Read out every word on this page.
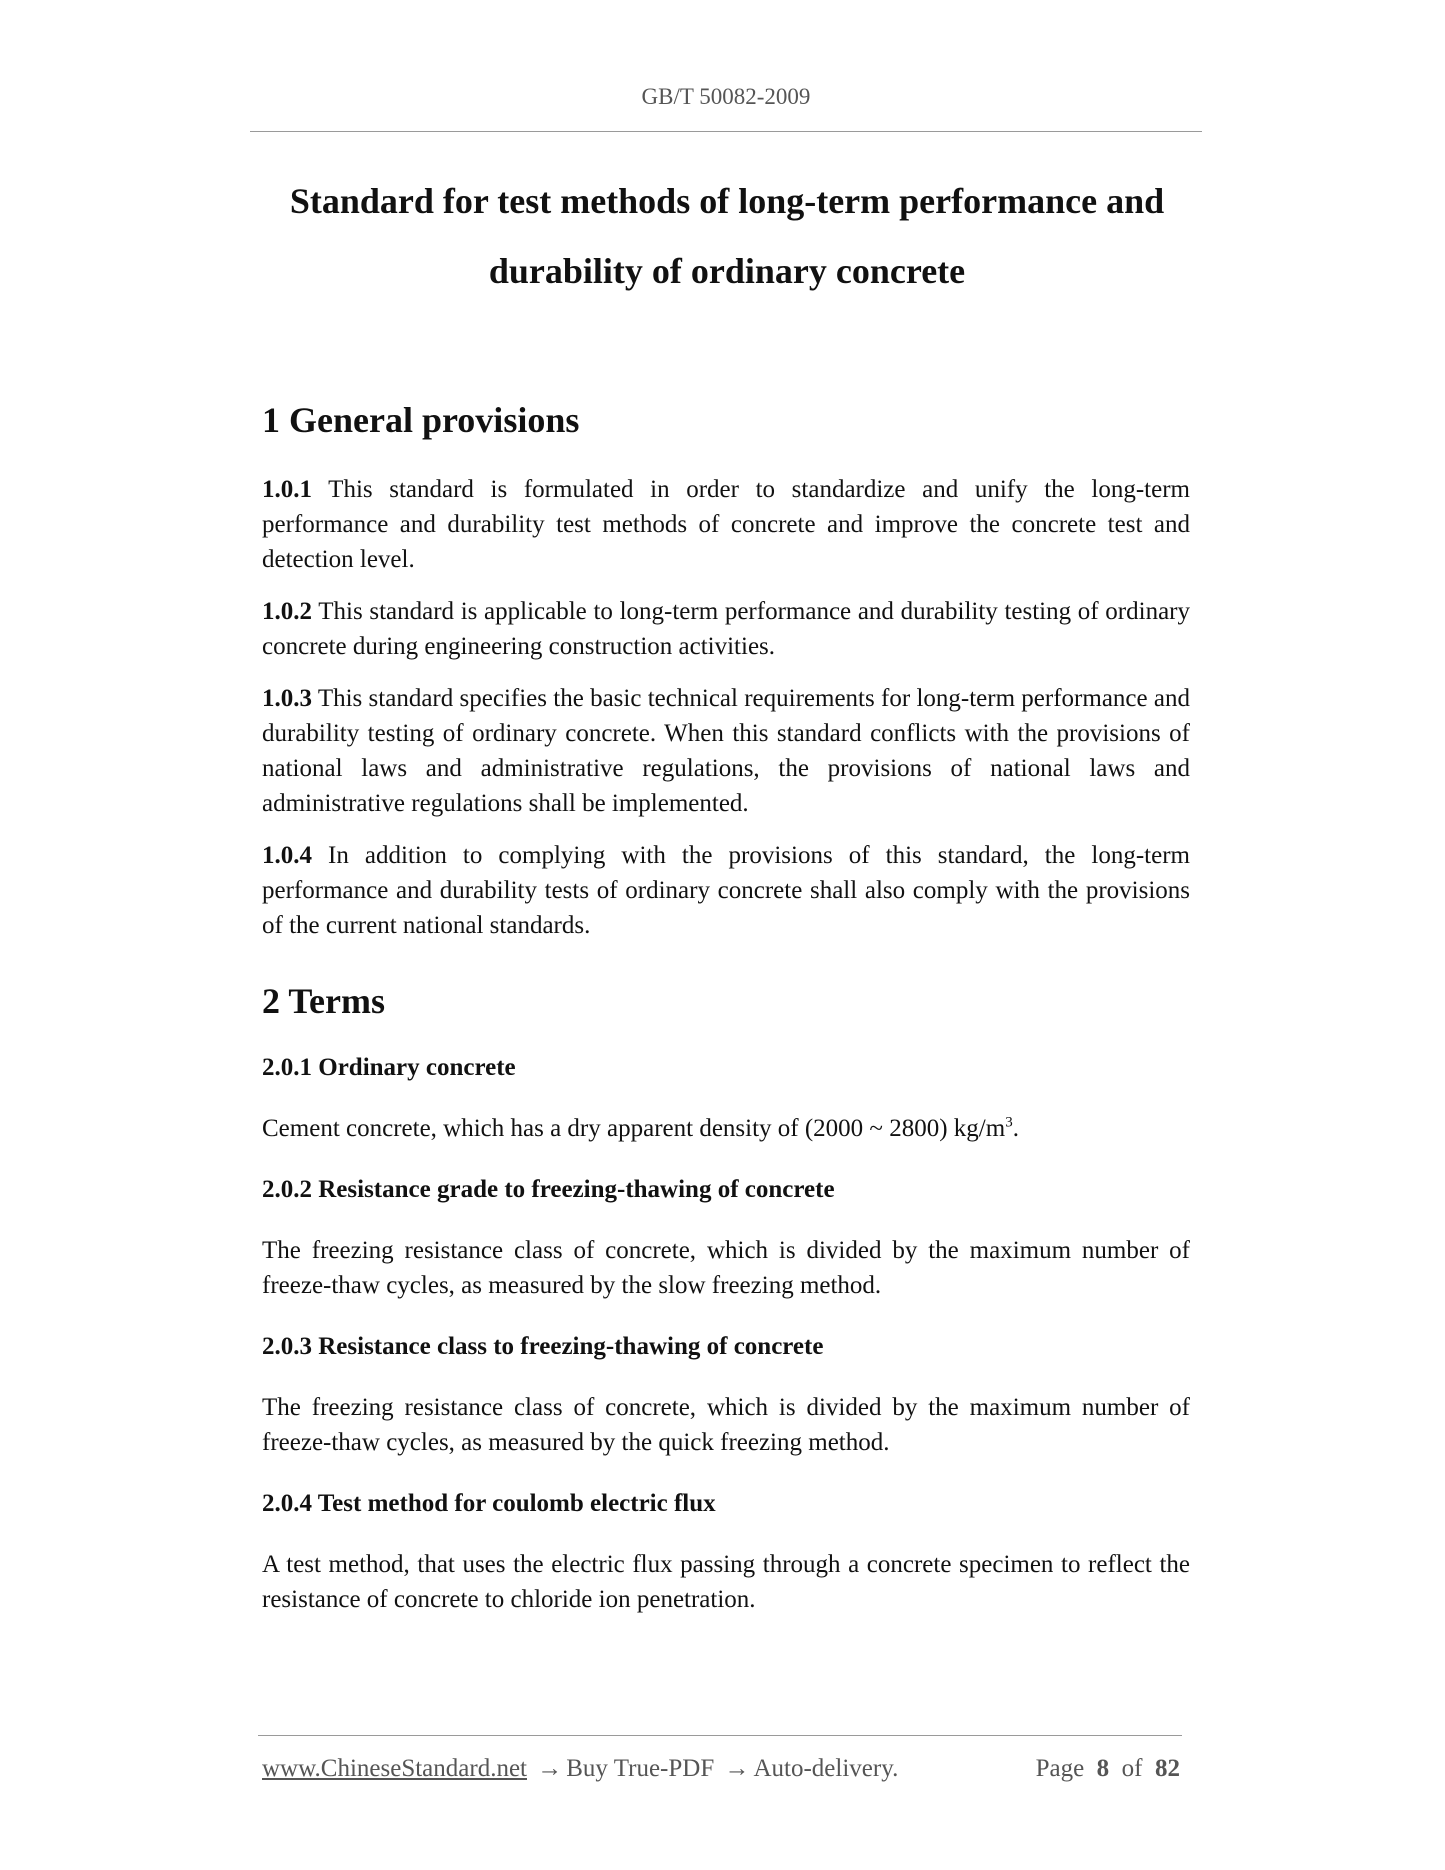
GB/T 50082-2009
Standard for test methods of long-term performance and
durability of ordinary concrete
1 General provisions

1.0.1 This standard is formulated in order to standardize and unify the long-term performance and durability test methods of concrete and improve the concrete test and detection level.

1.0.2 This standard is applicable to long-term performance and durability testing of ordinary concrete during engineering construction activities.

1.0.3 This standard specifies the basic technical requirements for long-term performance and durability testing of ordinary concrete. When this standard conflicts with the provisions of national laws and administrative regulations, the provisions of national laws and administrative regulations shall be implemented.

1.0.4 In addition to complying with the provisions of this standard, the long-term performance and durability tests of ordinary concrete shall also comply with the provisions of the current national standards.

2 Terms

2.0.1 Ordinary concrete

Cement concrete, which has a dry apparent density of (2000 ~ 2800) $kg/m^3$.

2.0.2 Resistance grade to freezing-thawing of concrete

The freezing resistance class of concrete, which is divided by the maximum number of freeze-thaw cycles, as measured by the slow freezing method.

2.0.3 Resistance class to freezing-thawing of concrete

The freezing resistance class of concrete, which is divided by the maximum number of freeze-thaw cycles, as measured by the quick freezing method.

2.0.4 Test method for coulomb electric flux

A test method, that uses the electric flux passing through a concrete specimen to reflect the resistance of concrete to chloride ion penetration.

www.ChineseStandard.net → Buy True-PDF → Auto-delivery.	Page 8 of 82
